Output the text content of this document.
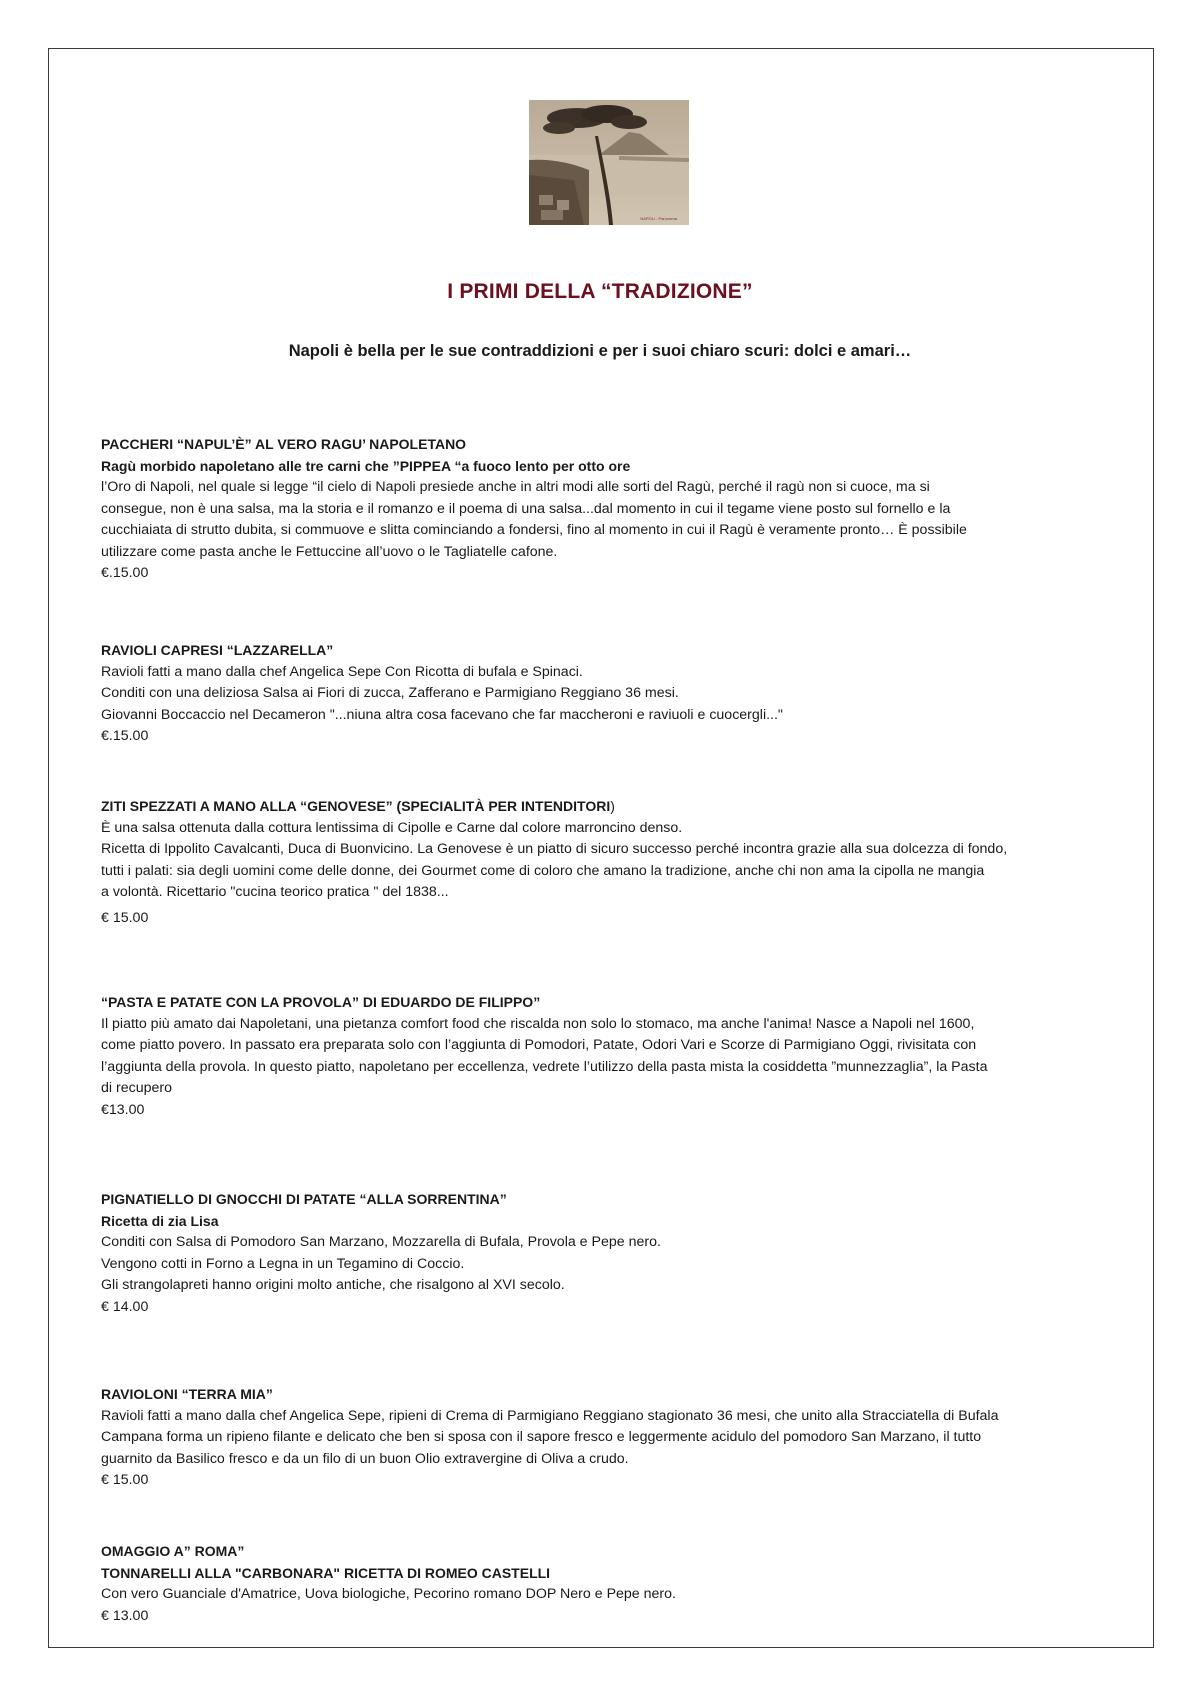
NAPOLI - Panorama
I PRIMI DELLA “TRADIZIONE”
Napoli è bella per le sue contraddizioni e per i suoi chiaro scuri: dolci e amari…
PACCHERI “NAPUL’È” AL VERO RAGU’ NAPOLETANO
Ragù morbido napoletano alle tre carni che ”PIPPEA “a fuoco lento per otto ore
l’Oro di Napoli, nel quale si legge “il cielo di Napoli presiede anche in altri modi alle sorti del Ragù, perché il ragù non si cuoce, ma si
consegue, non è una salsa, ma la storia e il romanzo e il poema di una salsa...dal momento in cui il tegame viene posto sul fornello e la
cucchiaiata di strutto dubita, si commuove e slitta cominciando a fondersi, fino al momento in cui il Ragù è veramente pronto… È possibile
utilizzare come pasta anche le Fettuccine all’uovo o le Tagliatelle cafone.
€.15.00
RAVIOLI CAPRESI “LAZZARELLA”
Ravioli fatti a mano dalla chef Angelica Sepe Con Ricotta di bufala e Spinaci.
Conditi con una deliziosa Salsa ai Fiori di zucca, Zafferano e Parmigiano Reggiano 36 mesi.
Giovanni Boccaccio nel Decameron "...niuna altra cosa facevano che far maccheroni e raviuoli e cuocergli..."
€.15.00
ZITI SPEZZATI A MANO ALLA “GENOVESE” (SPECIALITÀ PER INTENDITORI)
È una salsa ottenuta dalla cottura lentissima di Cipolle e Carne dal colore marroncino denso.
Ricetta di Ippolito Cavalcanti, Duca di Buonvicino. La Genovese è un piatto di sicuro successo perché incontra grazie alla sua dolcezza di fondo,
tutti i palati: sia degli uomini come delle donne, dei Gourmet come di coloro che amano la tradizione, anche chi non ama la cipolla ne mangia
a volontà. Ricettario "cucina teorico pratica " del 1838...
€ 15.00
“PASTA E PATATE CON LA PROVOLA” DI EDUARDO DE FILIPPO”
Il piatto più amato dai Napoletani, una pietanza comfort food che riscalda non solo lo stomaco, ma anche l'anima! Nasce a Napoli nel 1600,
come piatto povero. In passato era preparata solo con l’aggiunta di Pomodori, Patate, Odori Vari e Scorze di Parmigiano Oggi, rivisitata con
l’aggiunta della provola. In questo piatto, napoletano per eccellenza, vedrete l’utilizzo della pasta mista la cosiddetta ”munnezzaglia”, la Pasta
di recupero
€13.00
PIGNATIELLO DI GNOCCHI DI PATATE “ALLA SORRENTINA”
Ricetta di zia Lisa
Conditi con Salsa di Pomodoro San Marzano, Mozzarella di Bufala, Provola e Pepe nero.
Vengono cotti in Forno a Legna in un Tegamino di Coccio.
Gli strangolapreti hanno origini molto antiche, che risalgono al XVI secolo.
€ 14.00
RAVIOLONI “TERRA MIA”
Ravioli fatti a mano dalla chef Angelica Sepe, ripieni di Crema di Parmigiano Reggiano stagionato 36 mesi, che unito alla Stracciatella di Bufala
Campana forma un ripieno filante e delicato che ben si sposa con il sapore fresco e leggermente acidulo del pomodoro San Marzano, il tutto
guarnito da Basilico fresco e da un filo di un buon Olio extravergine di Oliva a crudo.
€ 15.00
OMAGGIO A” ROMA”
TONNARELLI ALLA "CARBONARA" RICETTA DI ROMEO CASTELLI
Con vero Guanciale d'Amatrice, Uova biologiche, Pecorino romano DOP Nero e Pepe nero.
€ 13.00
